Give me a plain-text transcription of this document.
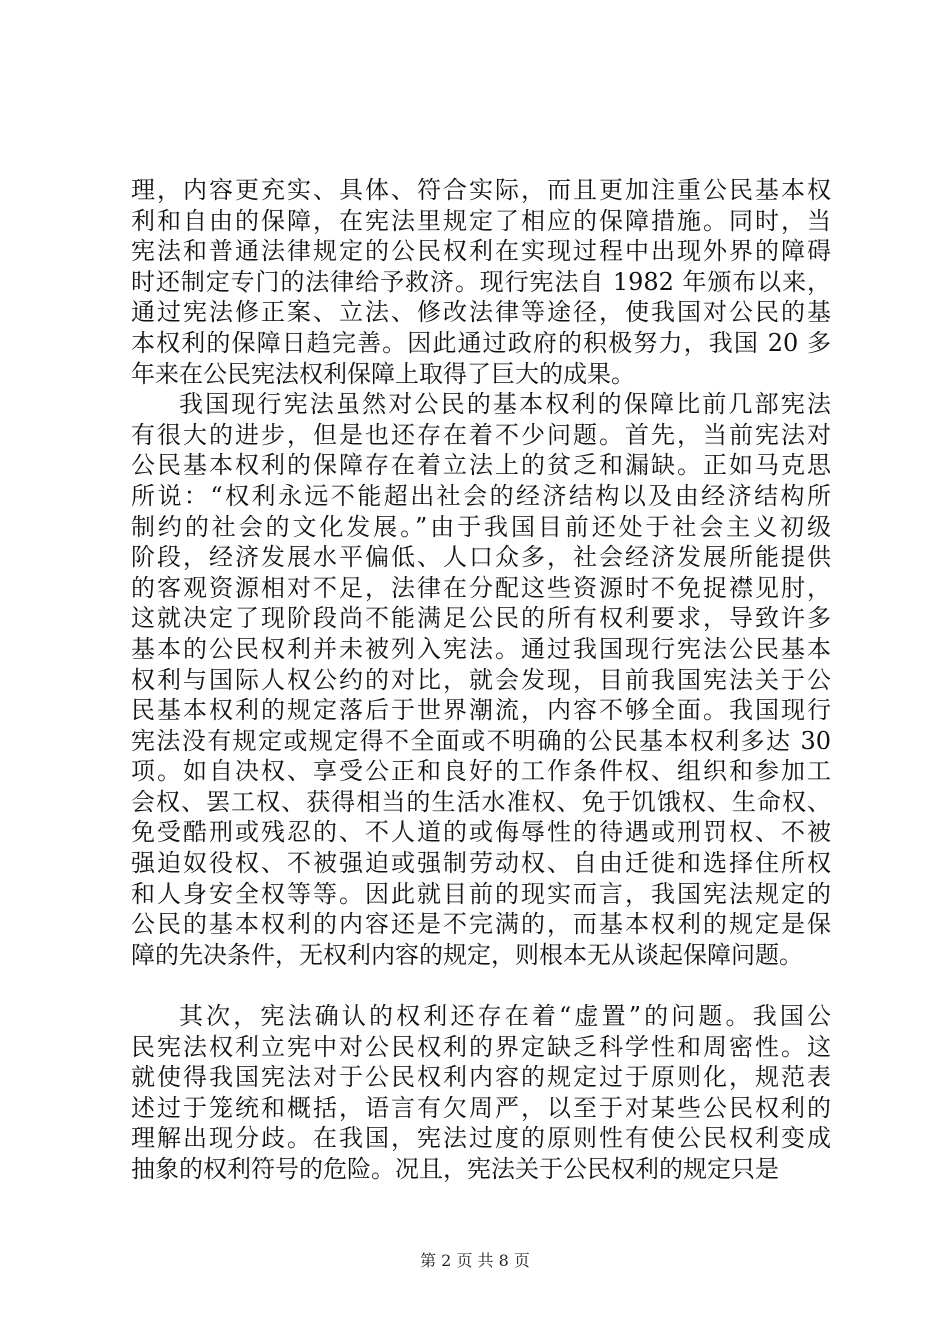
理，内容更充实、具体、符合实际，而且更加注重公民基本权
利和自由的保障，在宪法里规定了相应的保障措施。同时，当
宪法和普通法律规定的公民权利在实现过程中出现外界的障碍
时还制定专门的法律给予救济。现行宪法自 1982 年颁布以来，
通过宪法修正案、立法、修改法律等途径，使我国对公民的基
本权利的保障日趋完善。因此通过政府的积极努力，我国 20 多
年来在公民宪法权利保障上取得了巨大的成果。
我国现行宪法虽然对公民的基本权利的保障比前几部宪法
有很大的进步，但是也还存在着不少问题。首先，当前宪法对
公民基本权利的保障存在着立法上的贫乏和漏缺。正如马克思
所说：“权利永远不能超出社会的经济结构以及由经济结构所
制约的社会的文化发展。”由于我国目前还处于社会主义初级
阶段，经济发展水平偏低、人口众多，社会经济发展所能提供
的客观资源相对不足，法律在分配这些资源时不免捉襟见肘，
这就决定了现阶段尚不能满足公民的所有权利要求，导致许多
基本的公民权利并未被列入宪法。通过我国现行宪法公民基本
权利与国际人权公约的对比，就会发现，目前我国宪法关于公
民基本权利的规定落后于世界潮流，内容不够全面。我国现行
宪法没有规定或规定得不全面或不明确的公民基本权利多达 30
项。如自决权、享受公正和良好的工作条件权、组织和参加工
会权、罢工权、获得相当的生活水准权、免于饥饿权、生命权、
免受酷刑或残忍的、不人道的或侮辱性的待遇或刑罚权、不被
强迫奴役权、不被强迫或强制劳动权、自由迁徙和选择住所权
和人身安全权等等。因此就目前的现实而言，我国宪法规定的
公民的基本权利的内容还是不完满的，而基本权利的规定是保
障的先决条件，无权利内容的规定，则根本无从谈起保障问题。
其次，宪法确认的权利还存在着“虚置”的问题。我国公
民宪法权利立宪中对公民权利的界定缺乏科学性和周密性。这
就使得我国宪法对于公民权利内容的规定过于原则化，规范表
述过于笼统和概括，语言有欠周严，以至于对某些公民权利的
理解出现分歧。在我国，宪法过度的原则性有使公民权利变成
抽象的权利符号的危险。况且，宪法关于公民权利的规定只是
第 2 页 共 8 页
